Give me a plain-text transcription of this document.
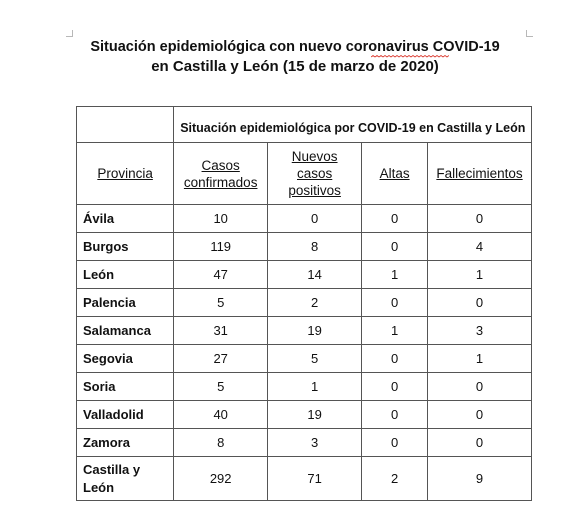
Situación epidemiológica con nuevo coronavirus COVID-19
en Castilla y León (15 de marzo de 2020)
	Situación epidemiológica por COVID-19 en Castilla y León			
Provincia	Casos confirmados	Nuevos casos positivos	Altas	Fallecimientos
Ávila	10	0	0	0
Burgos	119	8	0	4
León	47	14	1	1
Palencia	5	2	0	0
Salamanca	31	19	1	3
Segovia	27	5	0	1
Soria	5	1	0	0
Valladolid	40	19	0	0
Zamora	8	3	0	0
Castilla y León	292	71	2	9
